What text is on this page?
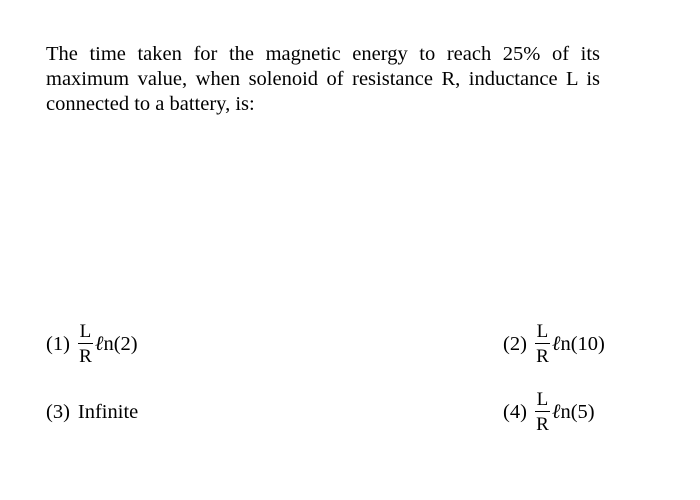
The time taken for the magnetic energy to reach 25% of its maximum value, when solenoid of resistance R, inductance L is connected to a battery, is:
$(1) \frac{L}{R}$ ℓn (2)	$(2) \frac{L}{R}$ ℓn (10)
(3) Infinite	$(4) \frac{L}{R}$ ℓn (5)
